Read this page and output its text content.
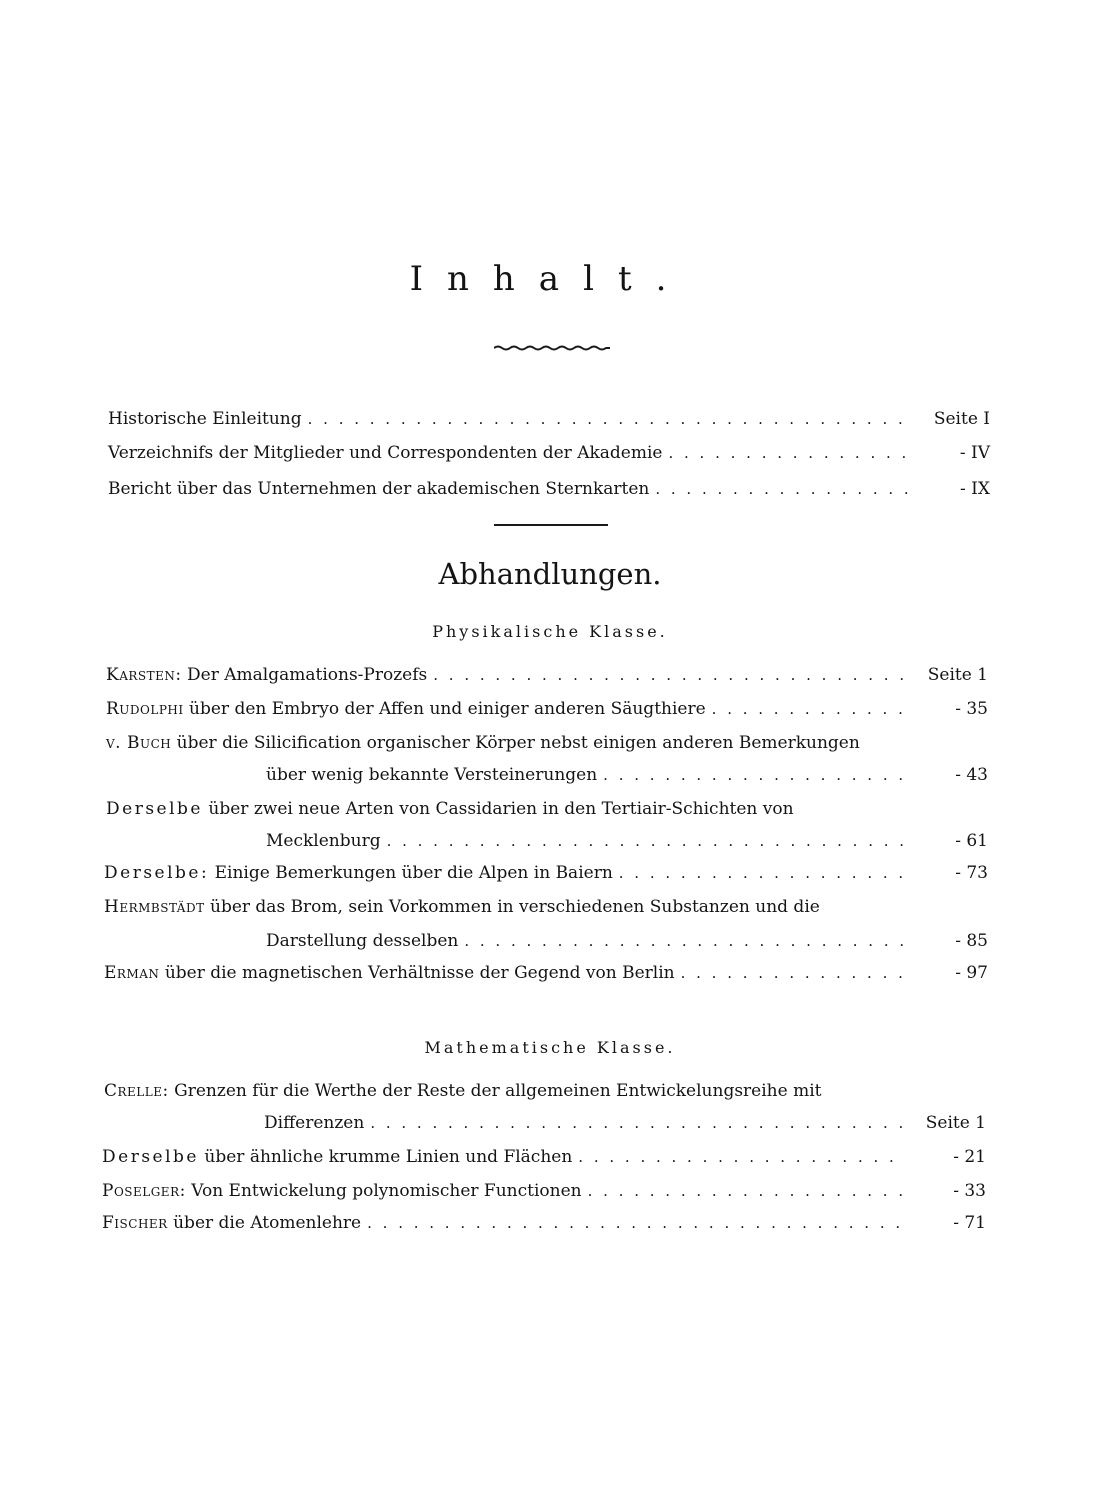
Inhalt.
Historische Einleitung . . .	Seite I
Verzeichnifs der Mitglieder und Correspondenten der Akademie . . .	- IV
Bericht über das Unternehmen der akademischen Sternkarten . . .	- IX
Abhandlungen.
Physikalische Klasse.
Karsten: Der Amalgamations-Prozefs . . .	Seite 1
Rudolphi über den Embryo der Affen und einiger anderen Säugthiere . . .	- 35
v. Buch über die Silicification organischer Körper nebst einigen anderen Bemerkungen
über wenig bekannte Versteinerungen . . .	- 43
Derselbe über zwei neue Arten von Cassidarien in den Tertiair-Schichten von
Mecklenburg . . .	- 61
Derselbe: Einige Bemerkungen über die Alpen in Baiern . . .	- 73
Hermbstädt über das Brom, sein Vorkommen in verschiedenen Substanzen und die
Darstellung desselben . . .	- 85
Erman über die magnetischen Verhältnisse der Gegend von Berlin . . .	- 97
Mathematische Klasse.
Crelle: Grenzen für die Werthe der Reste der allgemeinen Entwickelungsreihe mit
Differenzen . . .	Seite 1
Derselbe über ähnliche krumme Linien und Flächen . . .	- 21
Poselger: Von Entwickelung polynomischer Functionen . . .	- 33
Fischer über die Atomenlehre . . .	- 71
